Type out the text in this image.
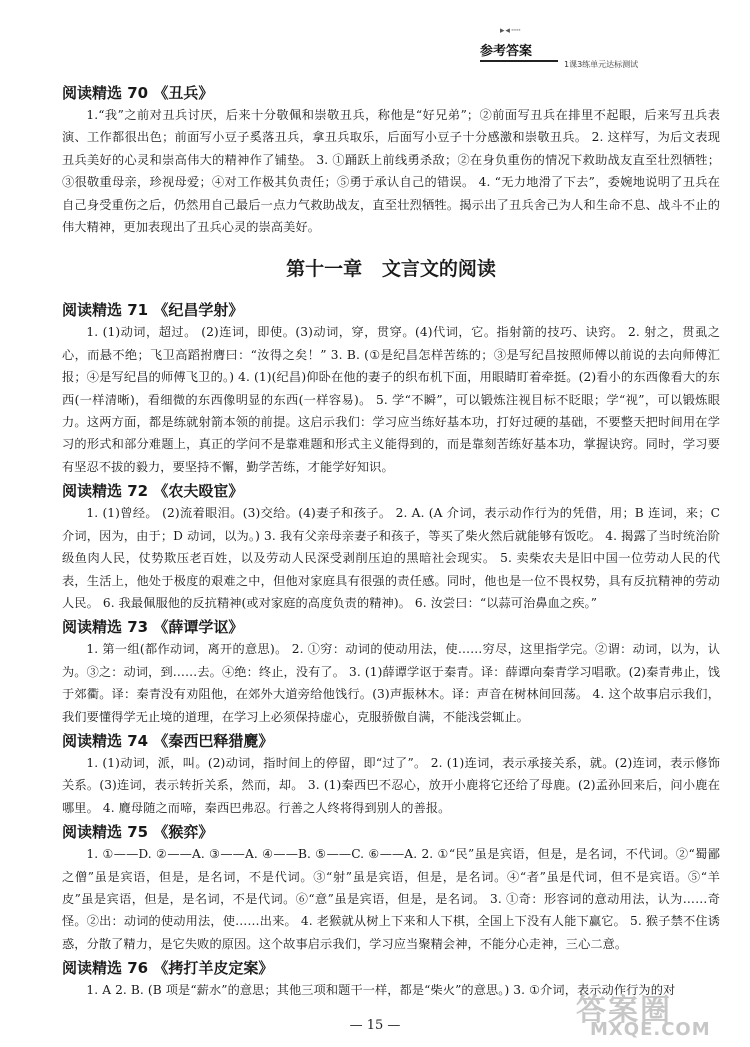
▸ ◂ ·····
参考答案
1课3练单元达标测试

阅读精选 70 《丑兵》

1.“我”之前对丑兵讨厌，后来十分敬佩和崇敬丑兵，称他是“好兄弟”；②前面写丑兵在排里不起眼，后来写丑兵表演、工作都很出色；前面写小豆子奚落丑兵，拿丑兵取乐，后面写小豆子十分感激和崇敬丑兵。 2. 这样写，为后文表现丑兵美好的心灵和崇高伟大的精神作了铺垫。 3. ①踊跃上前线勇杀敌；②在身负重伤的情况下救助战友直至壮烈牺牲；③很敬重母亲，珍视母爱；④对工作极其负责任；⑤勇于承认自己的错误。 4. “无力地滑了下去”，委婉地说明了丑兵在自己身受重伤之后，仍然用自己最后一点力气救助战友，直至壮烈牺牲。揭示出了丑兵舍己为人和生命不息、战斗不止的伟大精神，更加表现出了丑兵心灵的崇高美好。

第十一章   文言文的阅读

阅读精选 71 《纪昌学射》

1. (1)动词，超过。 (2)连词，即使。(3)动词，穿，贯穿。(4)代词，它。指射箭的技巧、诀窍。 2. 射之，贯虱之心，而悬不绝；飞卫高蹈拊膺曰：“汝得之矣！” 3. B. (①是纪昌怎样苦练的；③是写纪昌按照师傅以前说的去向师傅汇报；④是写纪昌的师傅飞卫的。) 4. (1)(纪昌)仰卧在他的妻子的织布机下面，用眼睛盯着牵挺。(2)看小的东西像看大的东西(一样清晰)，看细微的东西像明显的东西(一样容易)。 5. 学“不瞬”，可以锻炼注视目标不眨眼；学“视”，可以锻炼眼力。这两方面，都是练就射箭本领的前提。这启示我们：学习应当练好基本功，打好过硬的基础，不要整天把时间用在学习的形式和部分难题上，真正的学问不是靠难题和形式主义能得到的，而是靠刻苦练好基本功，掌握诀窍。同时，学习要有坚忍不拔的毅力，要坚持不懈，勤学苦练，才能学好知识。

阅读精选 72 《农夫殴宦》

1. (1)曾经。 (2)流着眼泪。(3)交给。(4)妻子和孩子。 2. A. (A 介词，表示动作行为的凭借，用；B 连词，来；C 介词，因为，由于；D 动词，以为。) 3. 我有父亲母亲妻子和孩子，等买了柴火然后就能够有饭吃。 4. 揭露了当时统治阶级鱼肉人民，仗势欺压老百姓，以及劳动人民深受剥削压迫的黑暗社会现实。 5. 卖柴农夫是旧中国一位劳动人民的代表，生活上，他处于极度的艰难之中，但他对家庭具有很强的责任感。同时，他也是一位不畏权势，具有反抗精神的劳动人民。 6. 我最佩服他的反抗精神(或对家庭的高度负责的精神)。 6. 汝尝曰：“以蒜可治鼻血之疾。”

阅读精选 73 《薛谭学讴》

1. 第一组(都作动词，离开的意思)。 2. ①穷：动词的使动用法，使……穷尽，这里指学完。②谓：动词，以为，认为。③之：动词，到……去。④绝：终止，没有了。 3. (1)薛谭学讴于秦青。译：薛谭向秦青学习唱歌。(2)秦青弗止，饯于郊衢。译：秦青没有劝阻他，在郊外大道旁给他饯行。(3)声振林木。译：声音在树林间回荡。 4. 这个故事启示我们，我们要懂得学无止境的道理，在学习上必须保持虚心，克服骄傲自满，不能浅尝辄止。

阅读精选 74 《秦西巴释猎麑》

1. (1)动词，派，叫。(2)动词，指时间上的停留，即“过了”。 2. (1)连词，表示承接关系，就。(2)连词，表示修饰关系。(3)连词，表示转折关系，然而，却。 3. (1)秦西巴不忍心，放开小鹿将它还给了母鹿。(2)孟孙回来后，问小鹿在哪里。 4. 麑母随之而啼，秦西巴弗忍。行善之人终将得到别人的善报。

阅读精选 75 《猴弈》

1. ①——D. ②——A. ③——A. ④——B. ⑤——C. ⑥——A. 2. ①“民”虽是宾语，但是，是名词，不代词。②“蜀鄙之僧”虽是宾语，但是，是名词，不是代词。③“射”虽是宾语，但是，是名词。④“者”虽是代词，但不是宾语。⑤“羊皮”虽是宾语，但是，是名词，不是代词。⑥“意”虽是宾语，但是，是名词。 3. ①奇：形容词的意动用法，认为……奇怪。②出：动词的使动用法，使……出来。 4. 老猴就从树上下来和人下棋，全国上下没有人能下赢它。 5. 猴子禁不住诱惑，分散了精力，是它失败的原因。这个故事启示我们，学习应当聚精会神，不能分心走神，三心二意。

阅读精选 76 《拷打羊皮定案》

1. A 2. B. (B 项是“薪水”的意思；其他三项和题干一样，都是“柴火”的意思。) 3. ①介词，表示动作行为的对

— 15 —	答案圈
MXQE.COM
